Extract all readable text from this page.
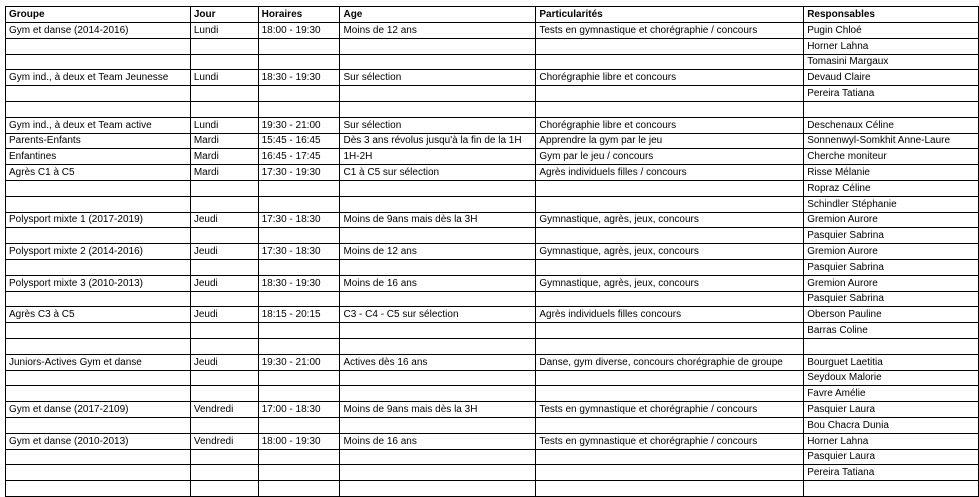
Groupe	Jour	Horaires	Age	Particularités	Responsables
Gym et danse (2014-2016)	Lundi	18:00 - 19:30	Moins de 12 ans	Tests en gymnastique et chorégraphie / concours	Pugin Chloé
					Horner Lahna
					Tomasini Margaux
Gym ind., à deux et Team Jeunesse	Lundi	18:30 - 19:30	Sur sélection	Chorégraphie libre et concours	Devaud Claire
					Pereira Tatiana

Gym ind., à deux et Team active	Lundi	19:30 - 21:00	Sur sélection	Chorégraphie libre et concours	Deschenaux Céline
Parents-Enfants	Mardi	15:45 - 16:45	Dès 3 ans révolus jusqu'à la fin de la 1H	Apprendre la gym par le jeu	Sonnenwyl-Somkhit Anne-Laure
Enfantines	Mardi	16:45 - 17:45	1H-2H	Gym par le jeu / concours	Cherche moniteur
Agrès C1 à C5	Mardi	17:30 - 19:30	C1 à C5 sur sélection	Agrès individuels filles / concours	Risse Mélanie
					Ropraz Céline
					Schindler Stéphanie
Polysport mixte 1 (2017-2019)	Jeudi	17:30 - 18:30	Moins de 9ans mais dès la 3H	Gymnastique, agrès, jeux, concours	Gremion Aurore
					Pasquier Sabrina
Polysport mixte 2 (2014-2016)	Jeudi	17:30 - 18:30	Moins de 12 ans	Gymnastique, agrès, jeux, concours	Gremion Aurore
					Pasquier Sabrina
Polysport mixte 3 (2010-2013)	Jeudi	18:30 - 19:30	Moins de 16 ans	Gymnastique, agrès, jeux, concours	Gremion Aurore
					Pasquier Sabrina
Agrès C3 à C5	Jeudi	18:15 - 20:15	C3 - C4 - C5 sur sélection	Agrès individuels filles concours	Oberson Pauline
					Barras Coline

Juniors-Actives Gym et danse	Jeudi	19:30 - 21:00	Actives dès 16 ans	Danse, gym diverse, concours chorégraphie de groupe	Bourguet Laetitia
					Seydoux Malorie
					Favre Amélie
Gym et danse (2017-2109)	Vendredi	17:00 - 18:30	Moins de 9ans mais dès la 3H	Tests en gymnastique et chorégraphie / concours	Pasquier Laura
					Bou Chacra Dunia
Gym et danse (2010-2013)	Vendredi	18:00 - 19:30	Moins de 16 ans	Tests en gymnastique et chorégraphie / concours	Horner Lahna
					Pasquier Laura
					Pereira Tatiana
